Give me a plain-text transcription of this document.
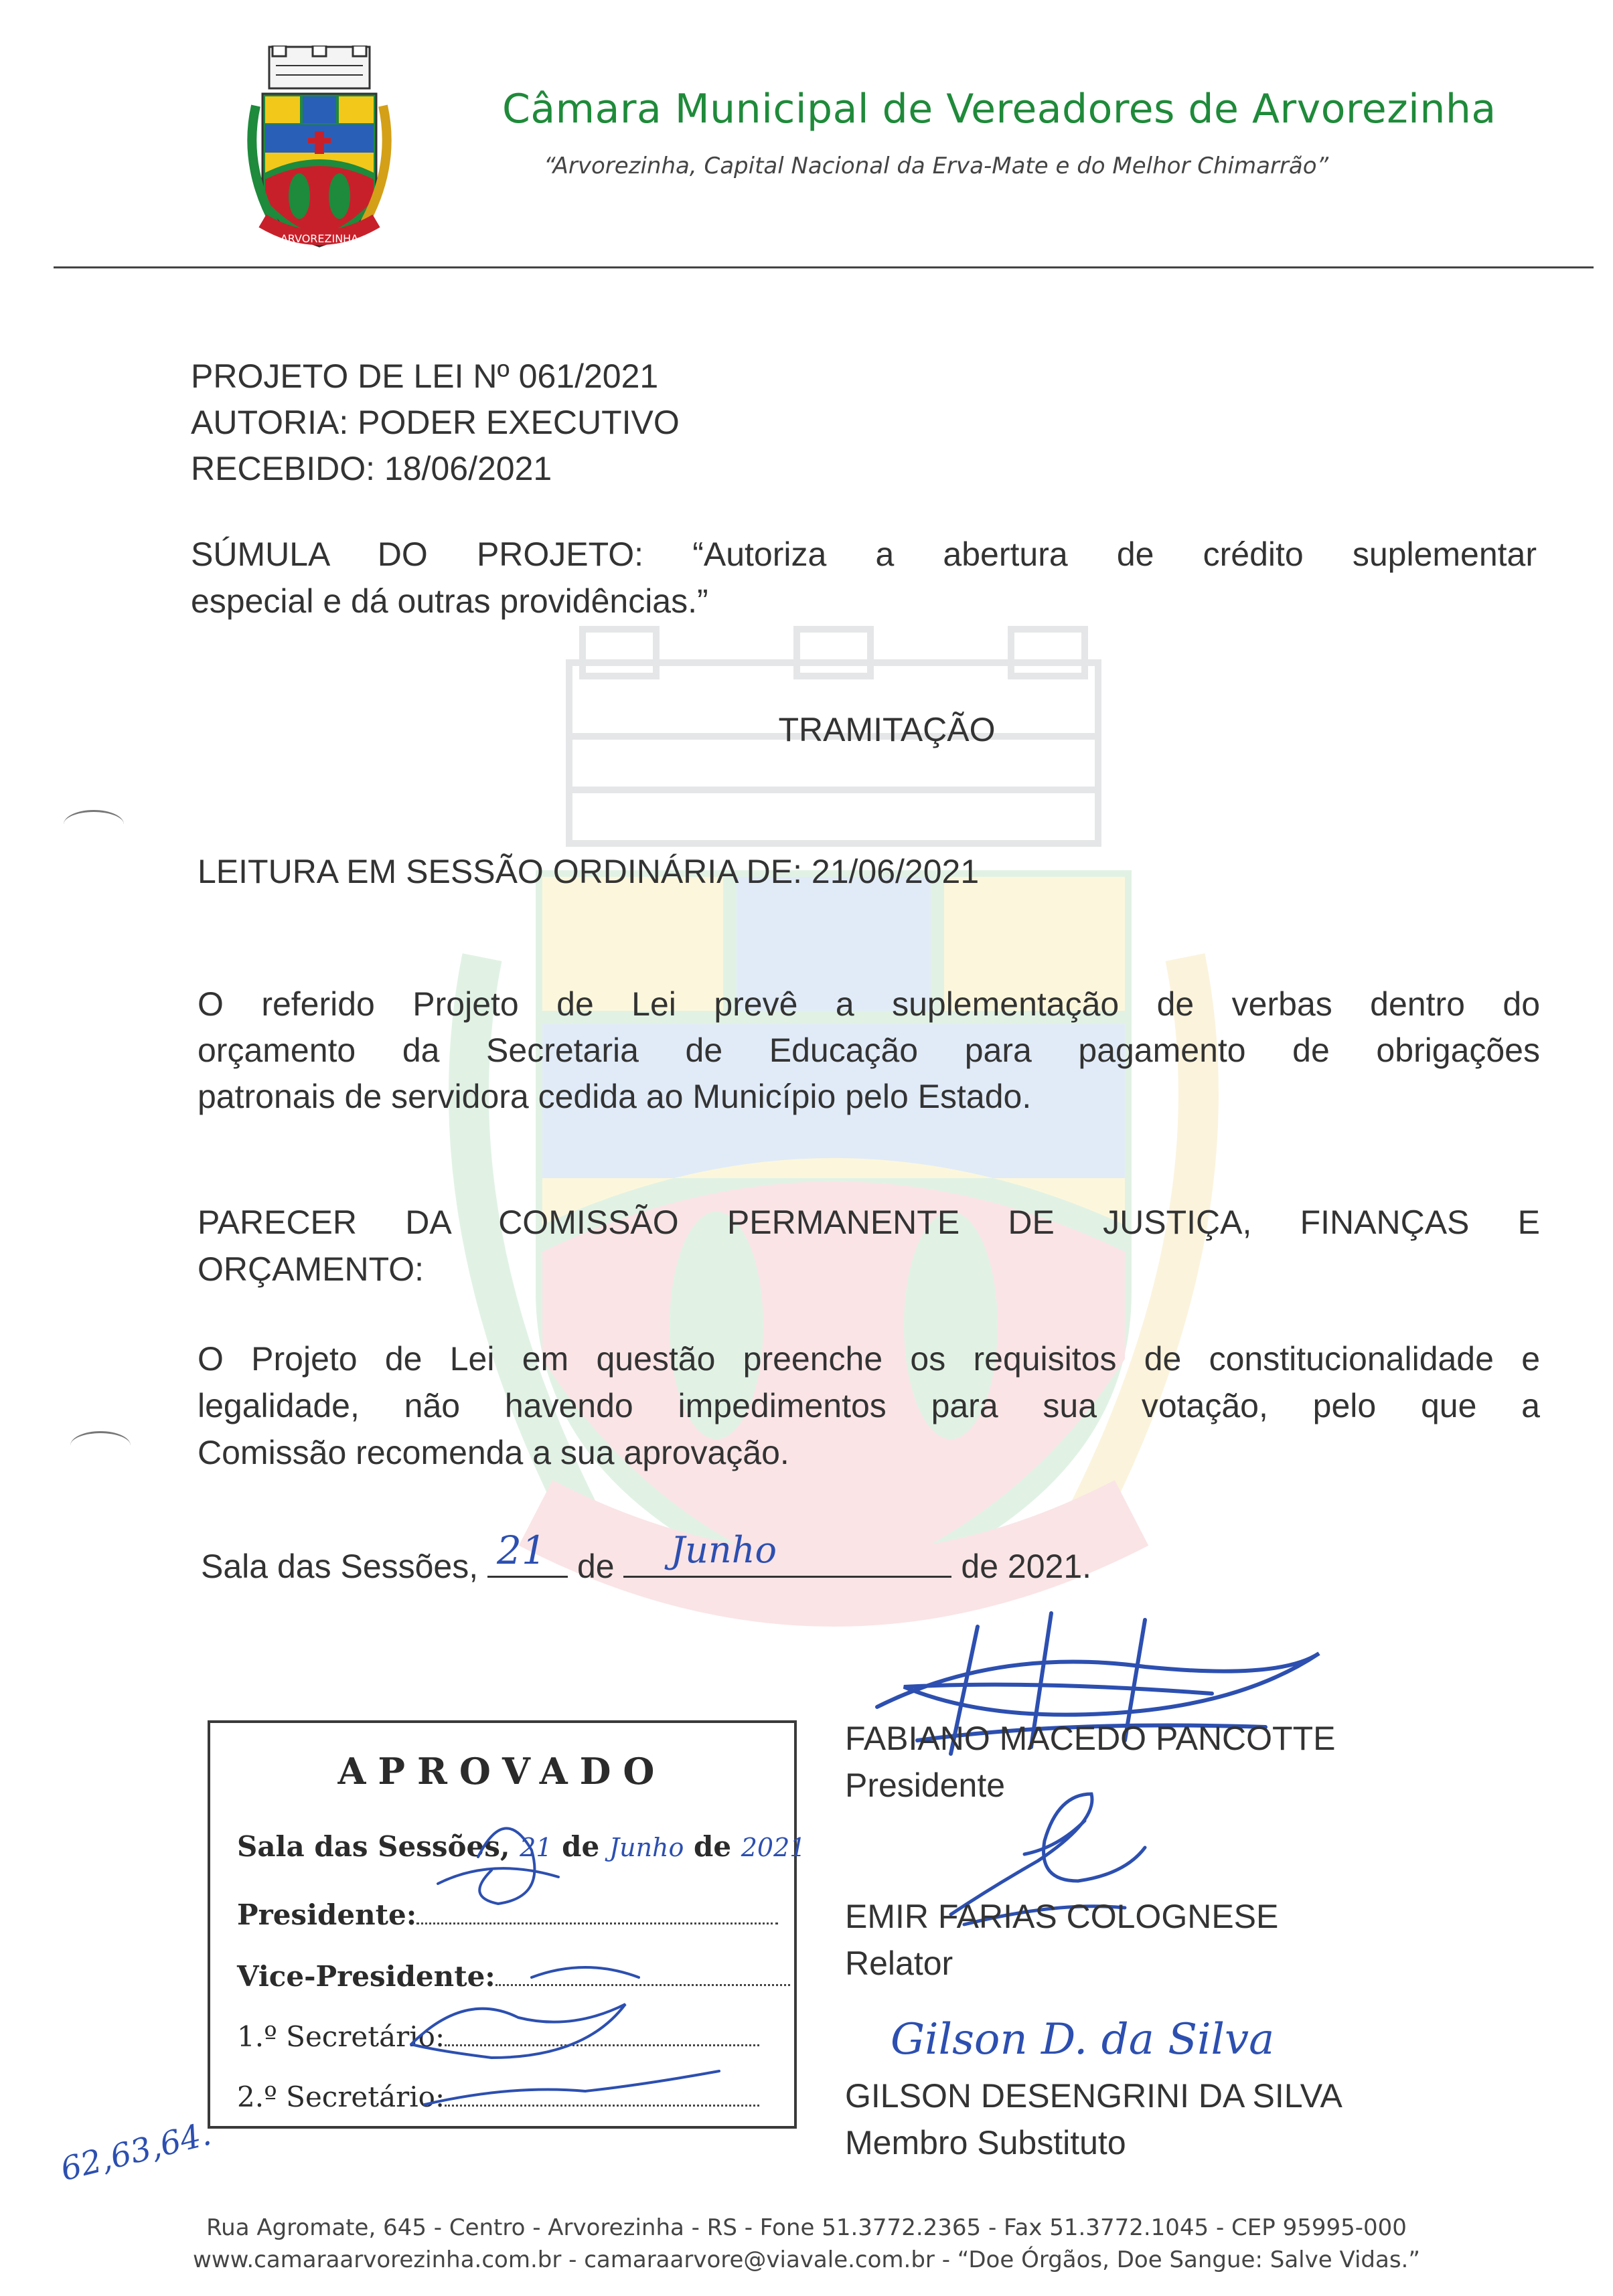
ARVOREZINHA
Câmara Municipal de Vereadores de Arvorezinha
“Arvorezinha, Capital Nacional da Erva-Mate e do Melhor Chimarrão”
PROJETO DE LEI Nº 061/2021
AUTORIA: PODER EXECUTIVO
RECEBIDO: 18/06/2021
SÚMULA DO PROJETO: “Autoriza a abertura de crédito suplementar
especial e dá outras providências.”
TRAMITAÇÃO
LEITURA EM SESSÃO ORDINÁRIA DE: 21/06/2021
O referido Projeto de Lei prevê a suplementação de verbas dentro do
orçamento da Secretaria de Educação para pagamento de obrigações
patronais de servidora cedida ao Município pelo Estado.
PARECER DA COMISSÃO PERMANENTE DE JUSTIÇA, FINANÇAS E
ORÇAMENTO:
O Projeto de Lei em questão preenche os requisitos de constitucionalidade e
legalidade, não havendo impedimentos para sua votação, pelo que a
Comissão recomenda a sua aprovação.
Sala das Sessões, 21 de Junho	de 2021.
Gilson D. da Silva
FABIANO MACEDO PANCOTTE
Presidente
EMIR FARIAS COLOGNESE
Relator
GILSON DESENGRINI DA SILVA
Membro Substituto
APROVADO
Sala das Sessões, 21 de Junho de 2021
Presidente:
Vice-Presidente:
1.º Secretário:
2.º Secretário:
62,63,64.
Rua Agromate, 645 - Centro - Arvorezinha - RS - Fone 51.3772.2365 - Fax 51.3772.1045 - CEP 95995-000
www.camaraarvorezinha.com.br - camaraarvore@viavale.com.br - “Doe Órgãos, Doe Sangue: Salve Vidas.”
